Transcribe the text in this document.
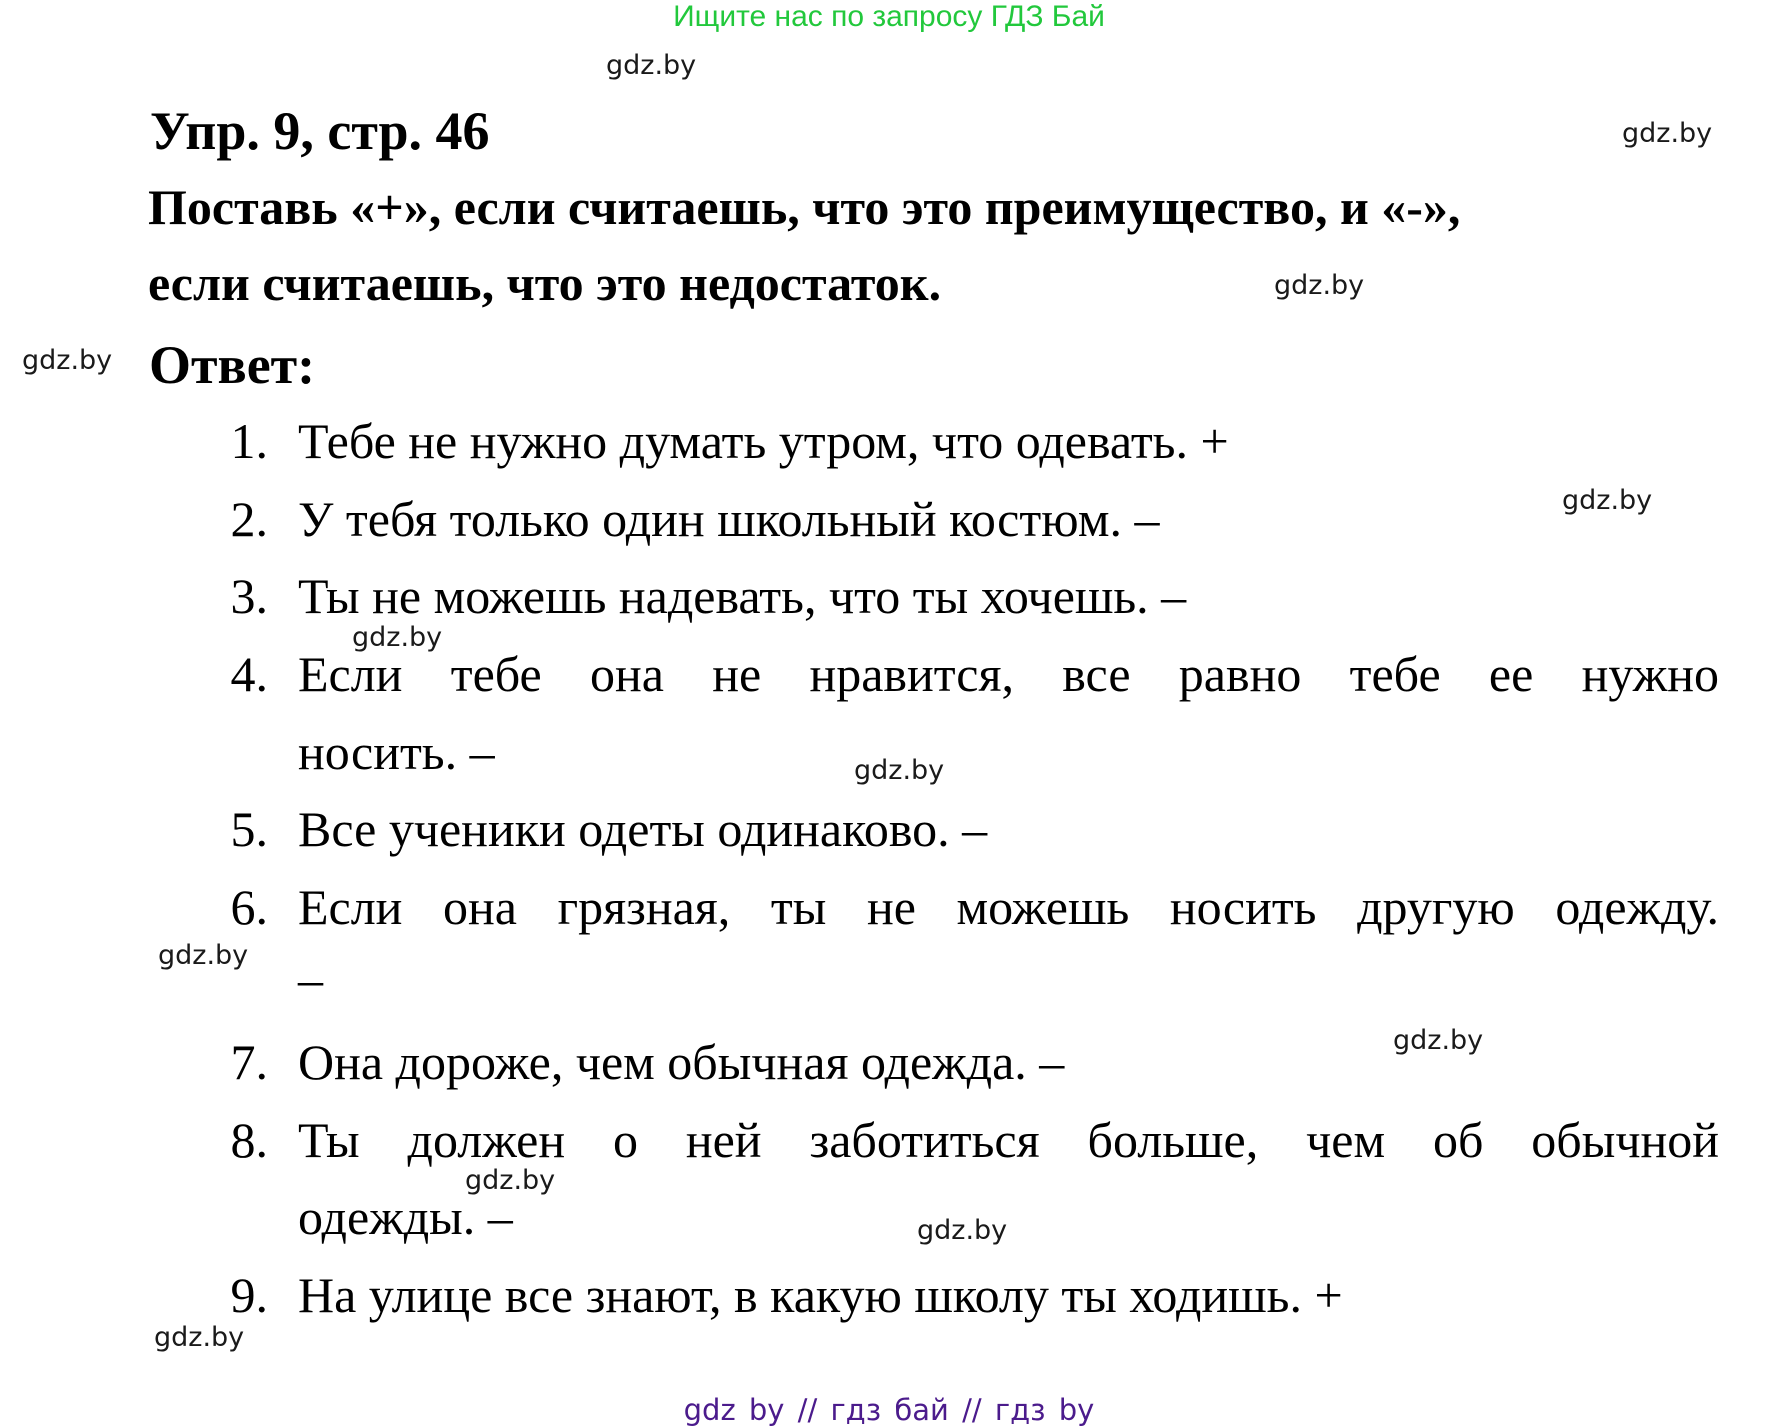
Ищите нас по запросу ГДЗ Бай
gdz.by
gdz.by
gdz.by
gdz.by
gdz.by
gdz.by
gdz.by
gdz.by
gdz.by
gdz.by
gdz.by
gdz.by
Упр. 9, стр. 46
Поставь «+», если считаешь, что это преимущество, и «-»,
если считаешь, что это недостаток.
Ответ:
1. Тебе не нужно думать утром, что одевать. +
2. У тебя только один школьный костюм. –
3. Ты не можешь надевать, что ты хочешь. –
4. Если тебе она не нравится, все равно тебе ее нужно
носить. –
5. Все ученики одеты одинаково. –
6. Если она грязная, ты не можешь носить другую одежду.
–
7. Она дороже, чем обычная одежда. –
8. Ты должен о ней заботиться больше, чем об обычной
одежды. –
9. На улице все знают, в какую школу ты ходишь. +
gdz by // гдз бай // гдз by
